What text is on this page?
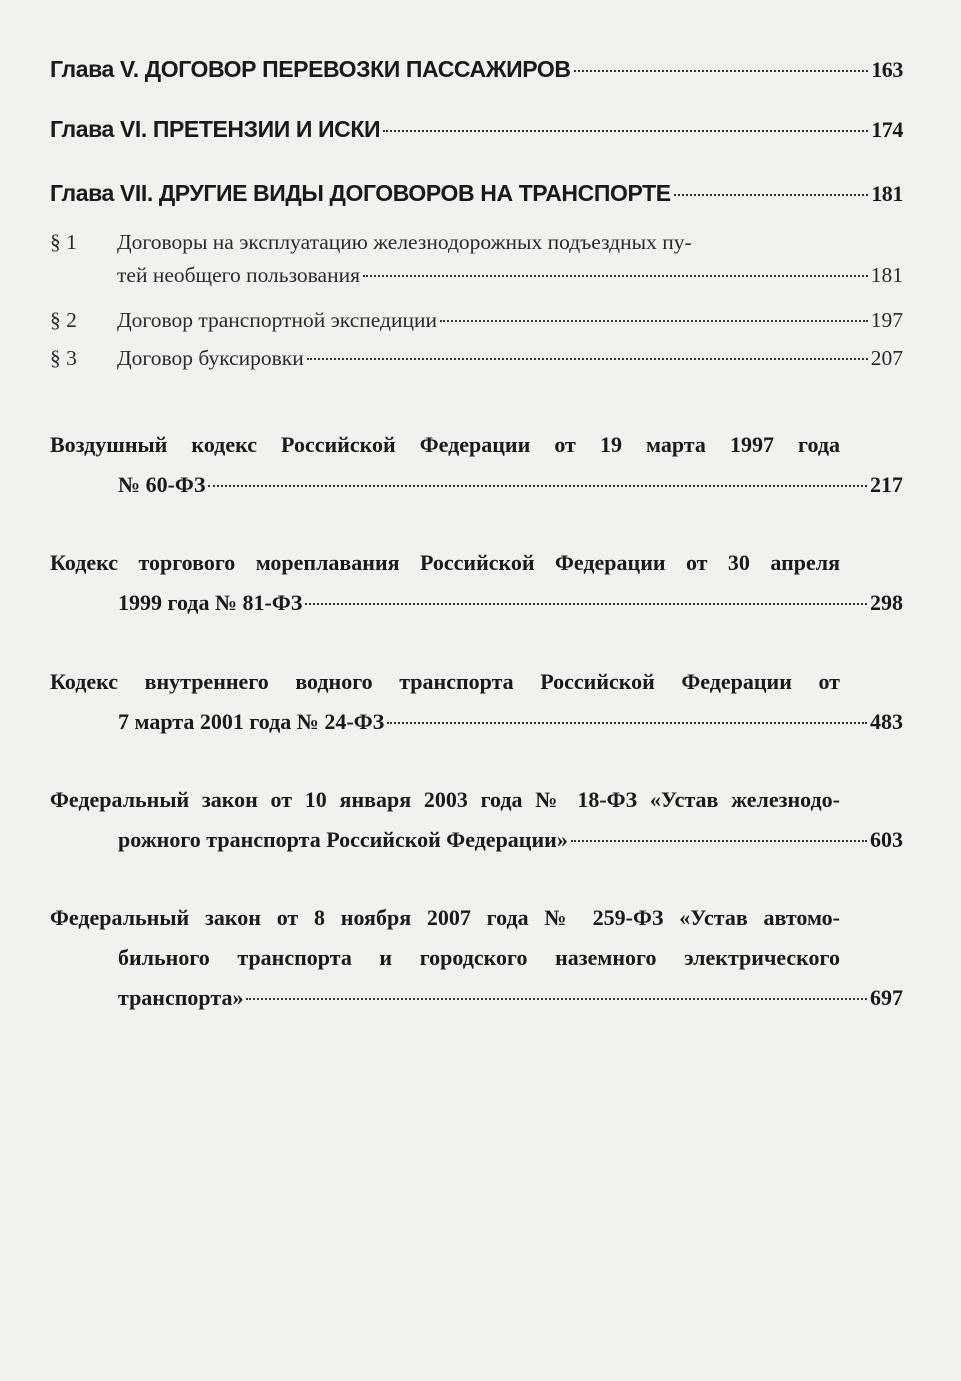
Глава V. ДОГОВОР ПЕРЕВОЗКИ ПАССАЖИРОВ	163
Глава VI. ПРЕТЕНЗИИ И ИСКИ	174
Глава VII. ДРУГИЕ ВИДЫ ДОГОВОРОВ НА ТРАНСПОРТЕ	181
§ 1	Договоры на эксплуатацию железнодорожных подъездных пу-
тей необщего пользования	181
§ 2	Договор транспортной экспедиции	197
§ 3	Договор буксировки	207
Воздушный кодекс Российской Федерации от 19 марта 1997 года
№ 60-ФЗ	217
Кодекс торгового мореплавания Российской Федерации от 30 апреля
1999 года № 81-ФЗ	298
Кодекс внутреннего водного транспорта Российской Федерации от
7 марта 2001 года № 24-ФЗ	483
Федеральный закон от 10 января 2003 года № 18-ФЗ «Устав железнодо-
рожного транспорта Российской Федерации»	603
Федеральный закон от 8 ноября 2007 года № 259-ФЗ «Устав автомо-
бильного транспорта и городского наземного электрического
транспорта»	697
